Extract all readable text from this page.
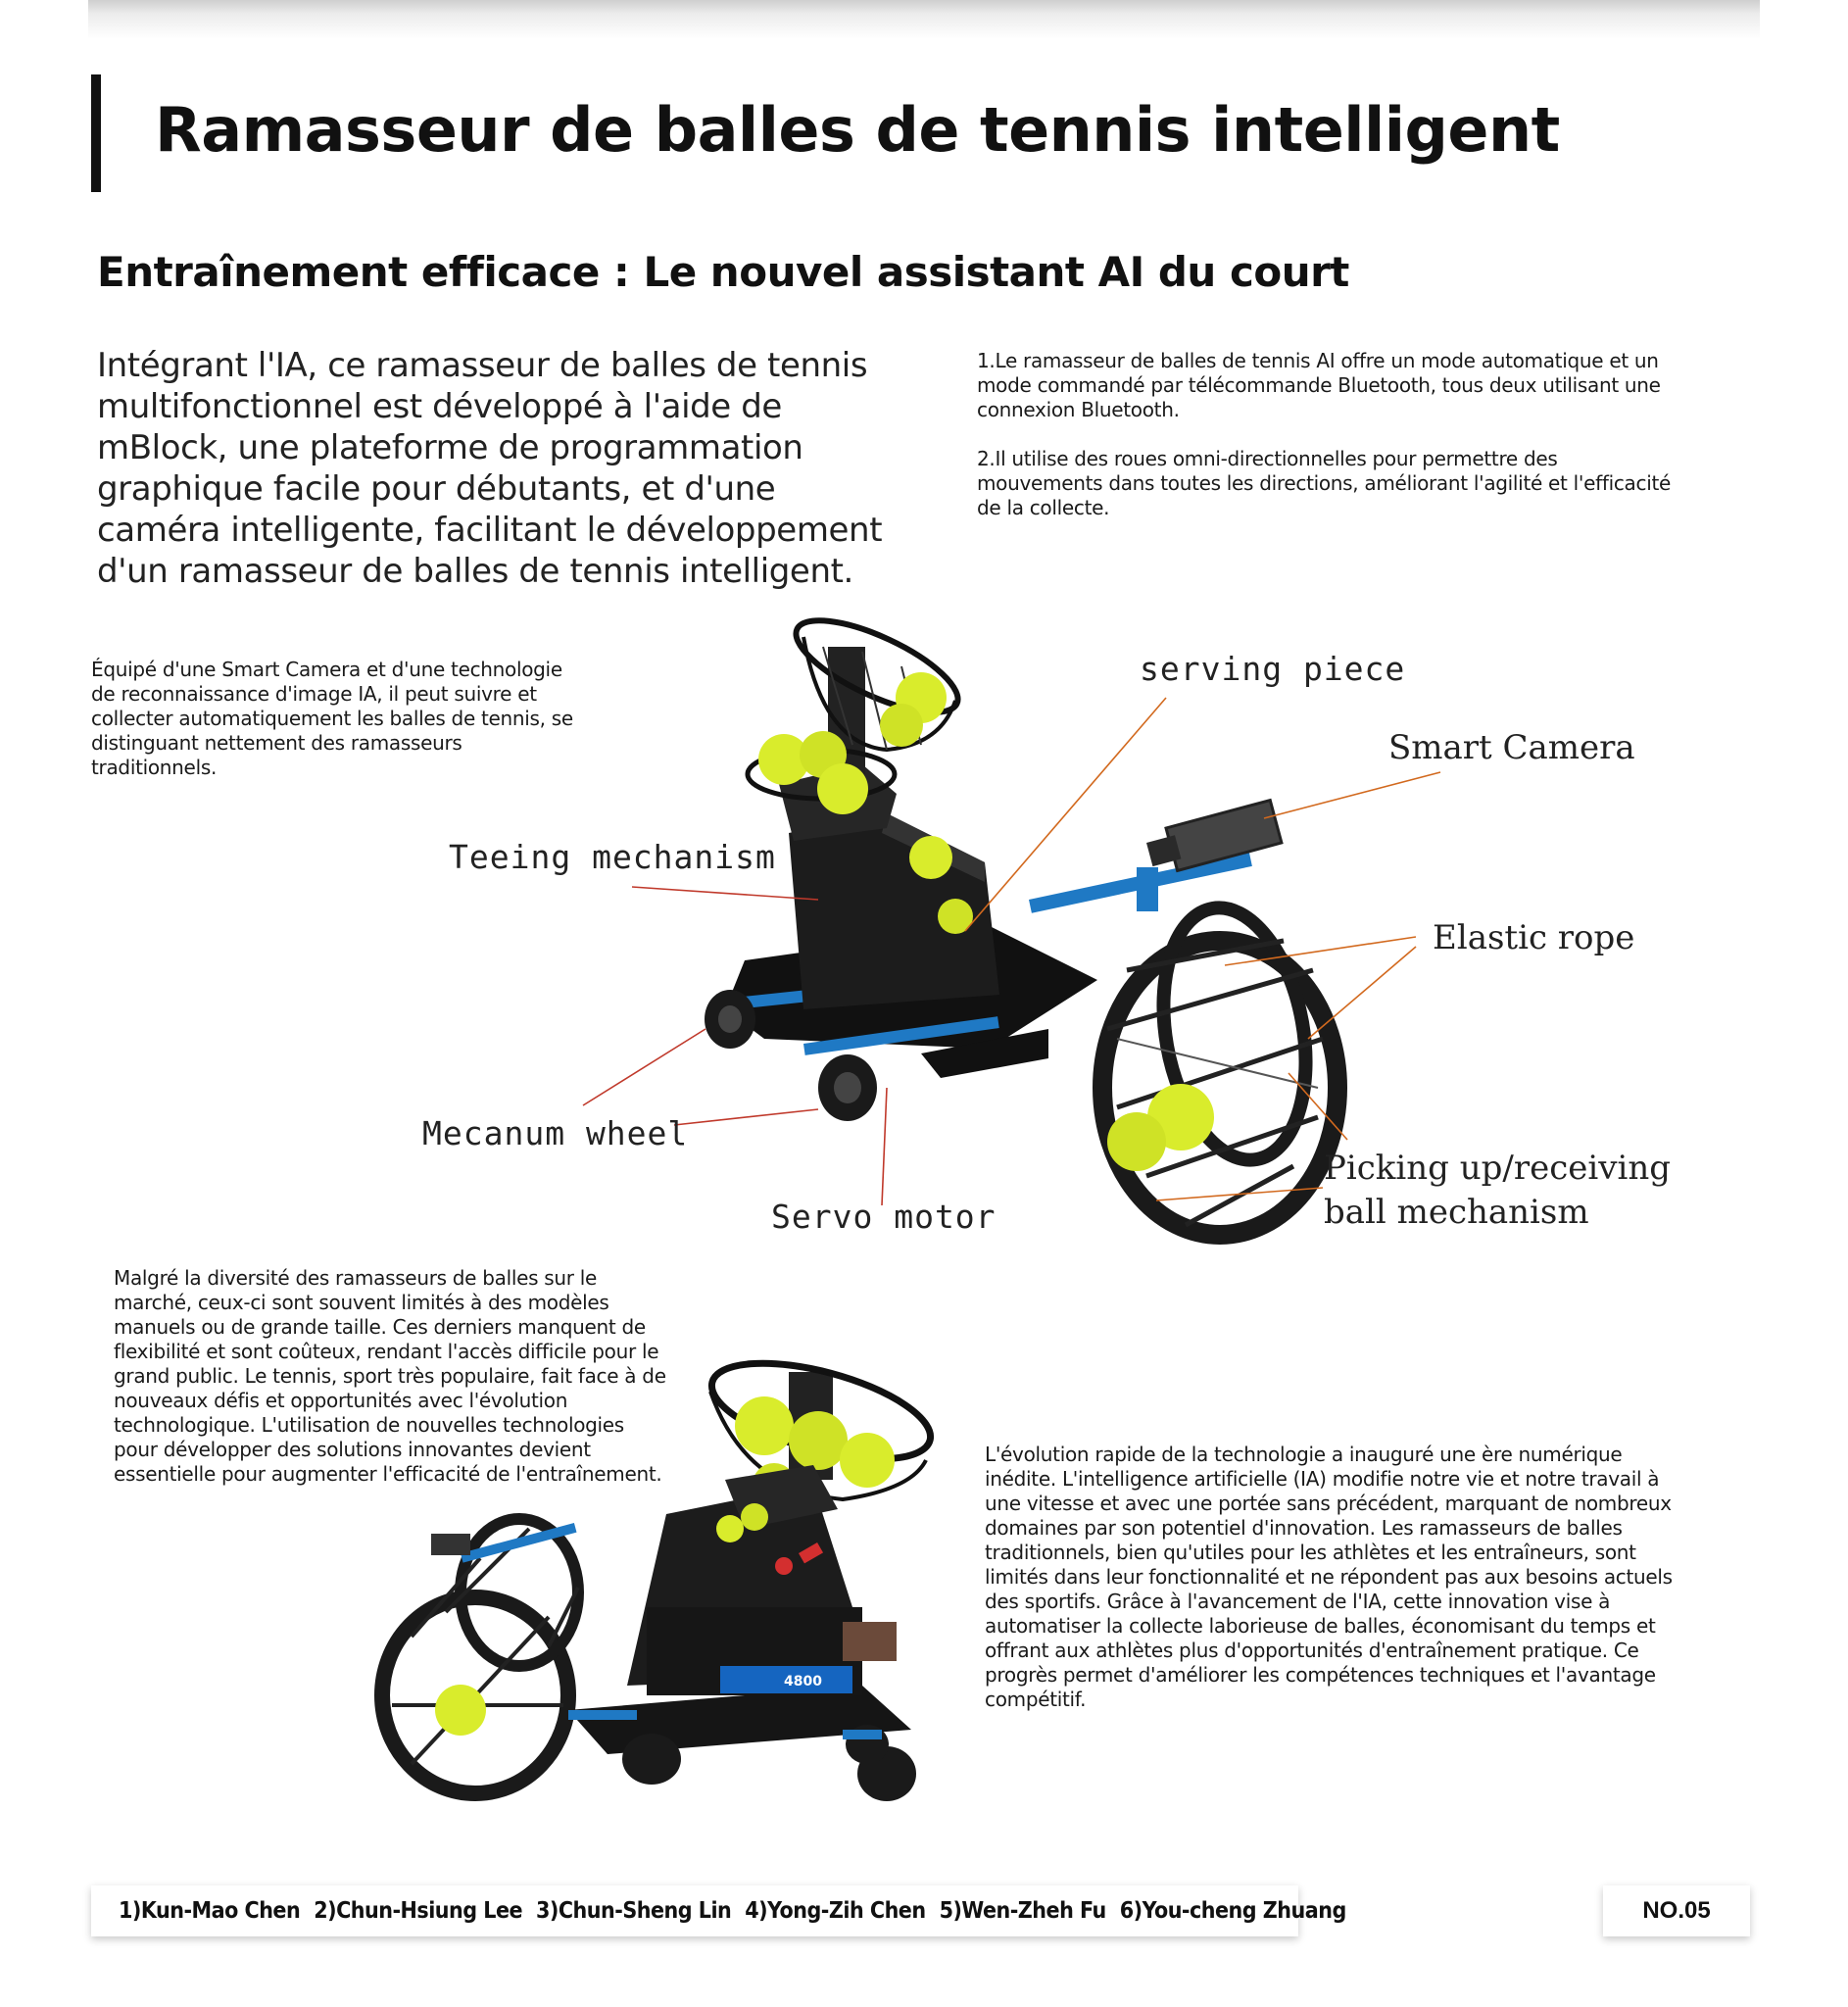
Ramasseur de balles de tennis intelligent
Entraînement efficace : Le nouvel assistant AI du court

Intégrant l'IA, ce ramasseur de balles de tennis multifonctionnel est développé à l'aide de mBlock, une plateforme de programmation graphique facile pour débutants, et d'une caméra intelligente, facilitant le développement d'un ramasseur de balles de tennis intelligent.

1.Le ramasseur de balles de tennis AI offre un mode automatique et un mode commandé par télécommande Bluetooth, tous deux utilisant une connexion Bluetooth.

2.Il utilise des roues omni-directionnelles pour permettre des mouvements dans toutes les directions, améliorant l'agilité et l'efficacité de la collecte.

Équipé d'une Smart Camera et d'une technologie de reconnaissance d'image IA, il peut suivre et collecter automatiquement les balles de tennis, se distinguant nettement des ramasseurs traditionnels.

serving piece
Smart Camera
Teeing mechanism
Elastic rope
Mecanum wheel
Servo motor
Picking up/receiving
ball mechanism

Malgré la diversité des ramasseurs de balles sur le marché, ceux-ci sont souvent limités à des modèles manuels ou de grande taille. Ces derniers manquent de flexibilité et sont coûteux, rendant l'accès difficile pour le grand public. Le tennis, sport très populaire, fait face à de nouveaux défis et opportunités avec l'évolution technologique. L'utilisation de nouvelles technologies pour développer des solutions innovantes devient essentielle pour augmenter l'efficacité de l'entraînement.

4800

L'évolution rapide de la technologie a inauguré une ère numérique inédite. L'intelligence artificielle (IA) modifie notre vie et notre travail à une vitesse et avec une portée sans précédent, marquant de nombreux domaines par son potentiel d'innovation. Les ramasseurs de balles traditionnels, bien qu'utiles pour les athlètes et les entraîneurs, sont limités dans leur fonctionnalité et ne répondent pas aux besoins actuels des sportifs. Grâce à l'avancement de l'IA, cette innovation vise à automatiser la collecte laborieuse de balles, économisant du temps et offrant aux athlètes plus d'opportunités d'entraînement pratique. Ce progrès permet d'améliorer les compétences techniques et l'avantage compétitif.

1)Kun-Mao Chen 2)Chun-Hsiung Lee 3)Chun-Sheng Lin 4)Yong-Zih Chen 5)Wen-Zheh Fu 6)You-cheng Zhuang	NO.05
